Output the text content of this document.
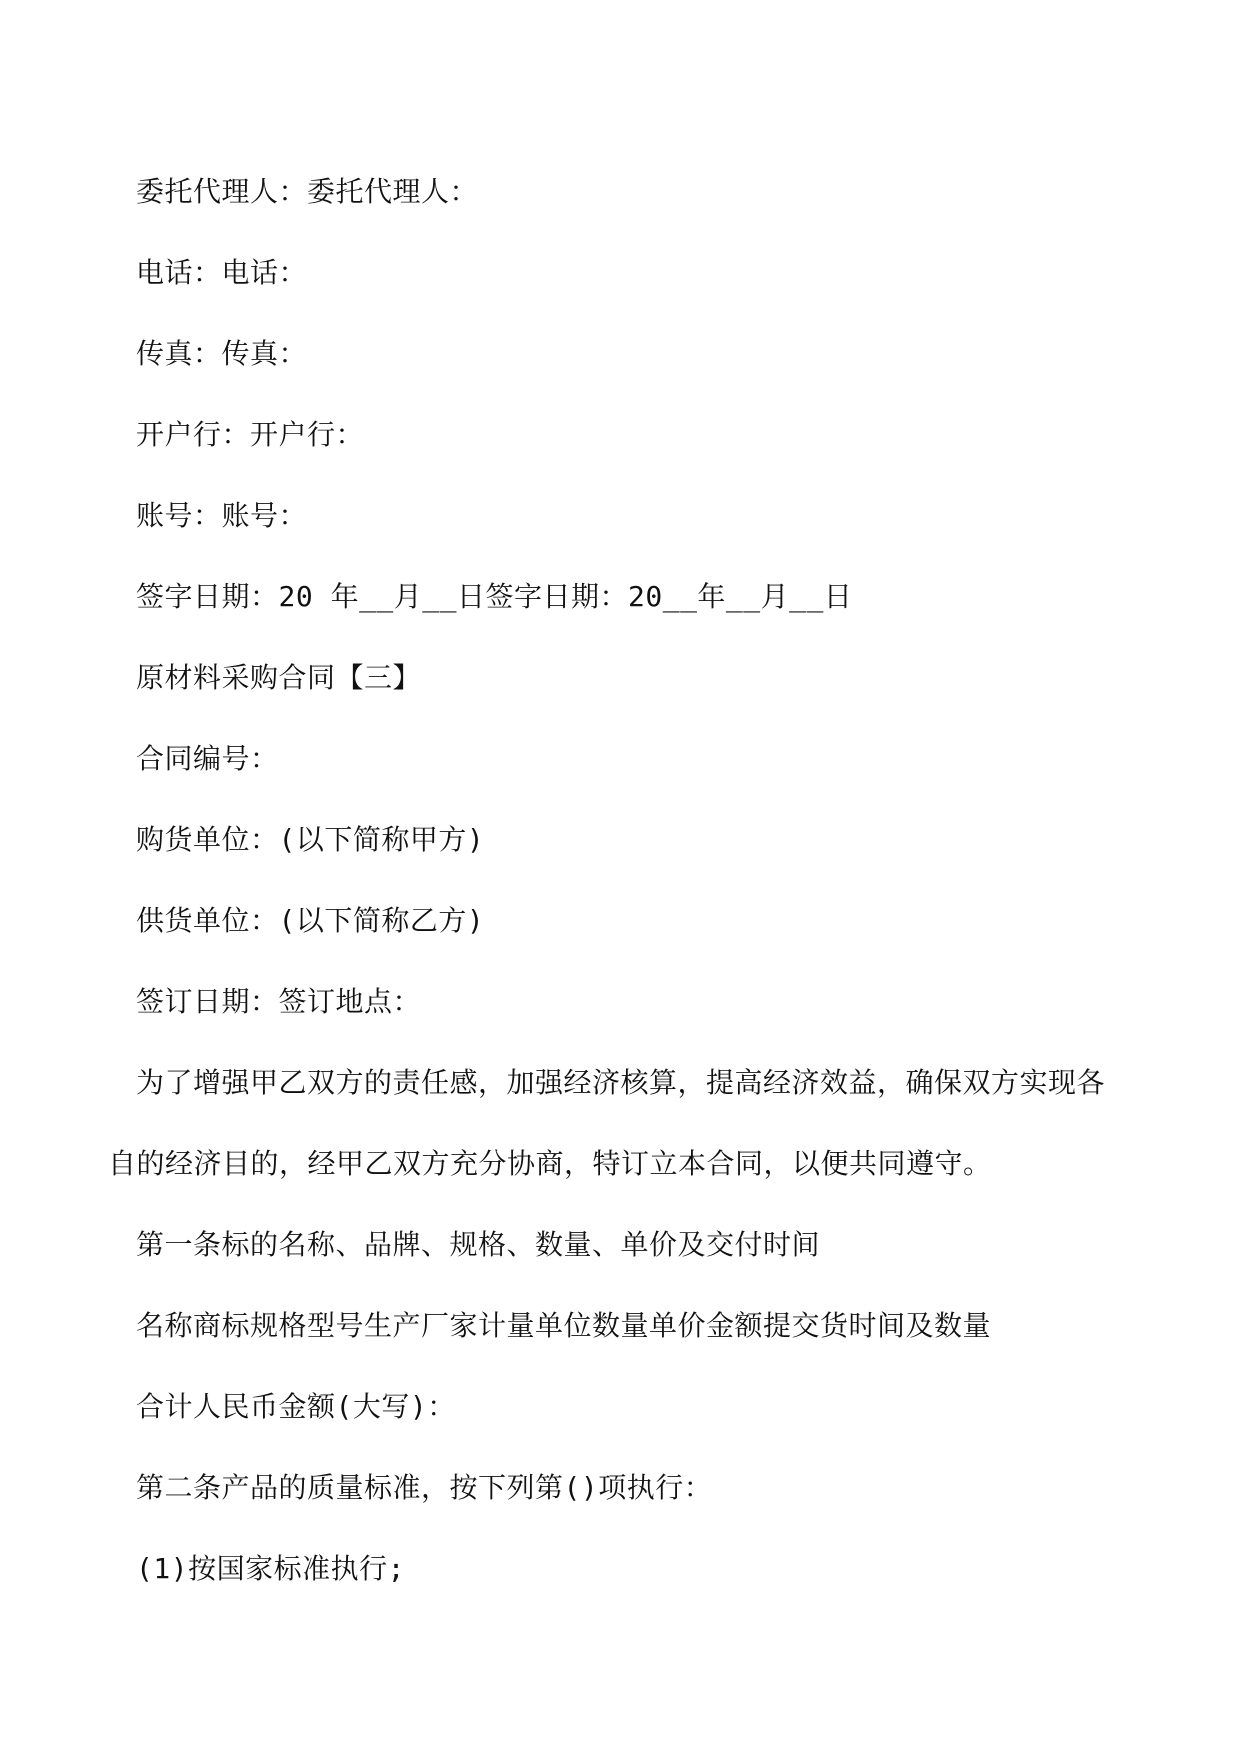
委托代理人：委托代理人：
电话：电话：
传真：传真：
开户行：开户行：
账号：账号：
签字日期：20 年__月__日签字日期：20__年__月__日
原材料采购合同【三】
合同编号：
购货单位：(以下简称甲方)
供货单位：(以下简称乙方)
签订日期：签订地点：
为了增强甲乙双方的责任感，加强经济核算，提高经济效益，确保双方实现各
自的经济目的，经甲乙双方充分协商，特订立本合同，以便共同遵守。
第一条标的名称、品牌、规格、数量、单价及交付时间
名称商标规格型号生产厂家计量单位数量单价金额提交货时间及数量
合计人民币金额(大写)：
第二条产品的质量标准，按下列第()项执行：
(1)按国家标准执行;
